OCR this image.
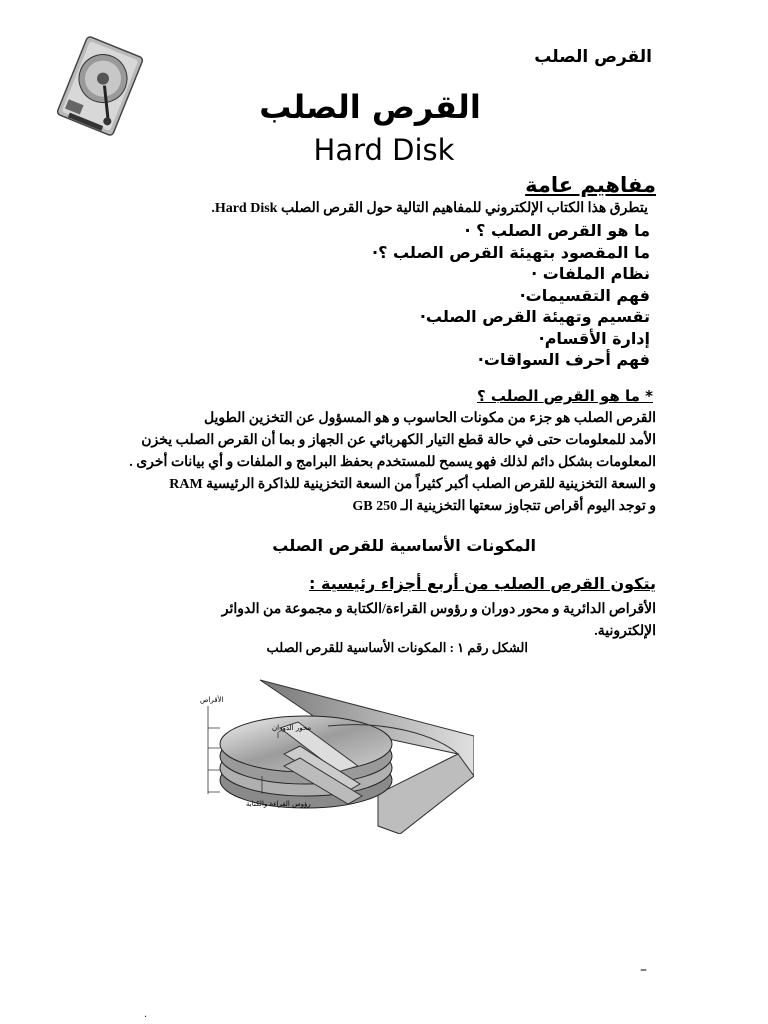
القرص الصلب
القرص الصلب
Hard Disk
مفاهيم عامة
يتطرق هذا الكتاب الإلكتروني للمفاهيم التالية حول القرص الصلب Hard Disk.
ما هو القرص الصلب ؟ ·
ما المقصود بتهيئة القرص الصلب ؟·
نظام الملفات ·
فهم التقسيمات·
تقسيم وتهيئة القرص الصلب·
إدارة الأقسام·
فهم أحرف السواقات·
* ما هو القرص الصلب ؟
القرص الصلب هو جزء من مكونات الحاسوب و هو المسؤول عن التخزين الطويل
الأمد للمعلومات حتى في حالة قطع التيار الكهربائي عن الجهاز و بما أن القرص الصلب يخزن
المعلومات بشكل دائم لذلك فهو يسمح للمستخدم بحفظ البرامج و الملفات و أي بيانات أخرى .
و السعة التخزينية للقرص الصلب أكبر كثيراً من السعة التخزينية للذاكرة الرئيسية RAM
و توجد اليوم أقراص تتجاوز سعتها التخزينية الـ GB 250
المكونات الأساسية للقرص الصلب
يتكون القرص الصلب من أربع أجزاء رئيسية :
الأقراص الدائرية و محور دوران و رؤوس القراءة/الكتابة و مجموعة من الدوائر
الإلكترونية.
الشكل رقم ١ : المكونات الأساسية للقرص الصلب
الأقراص
محور الدوران
رؤوس القراءة والكتابة
–
·
